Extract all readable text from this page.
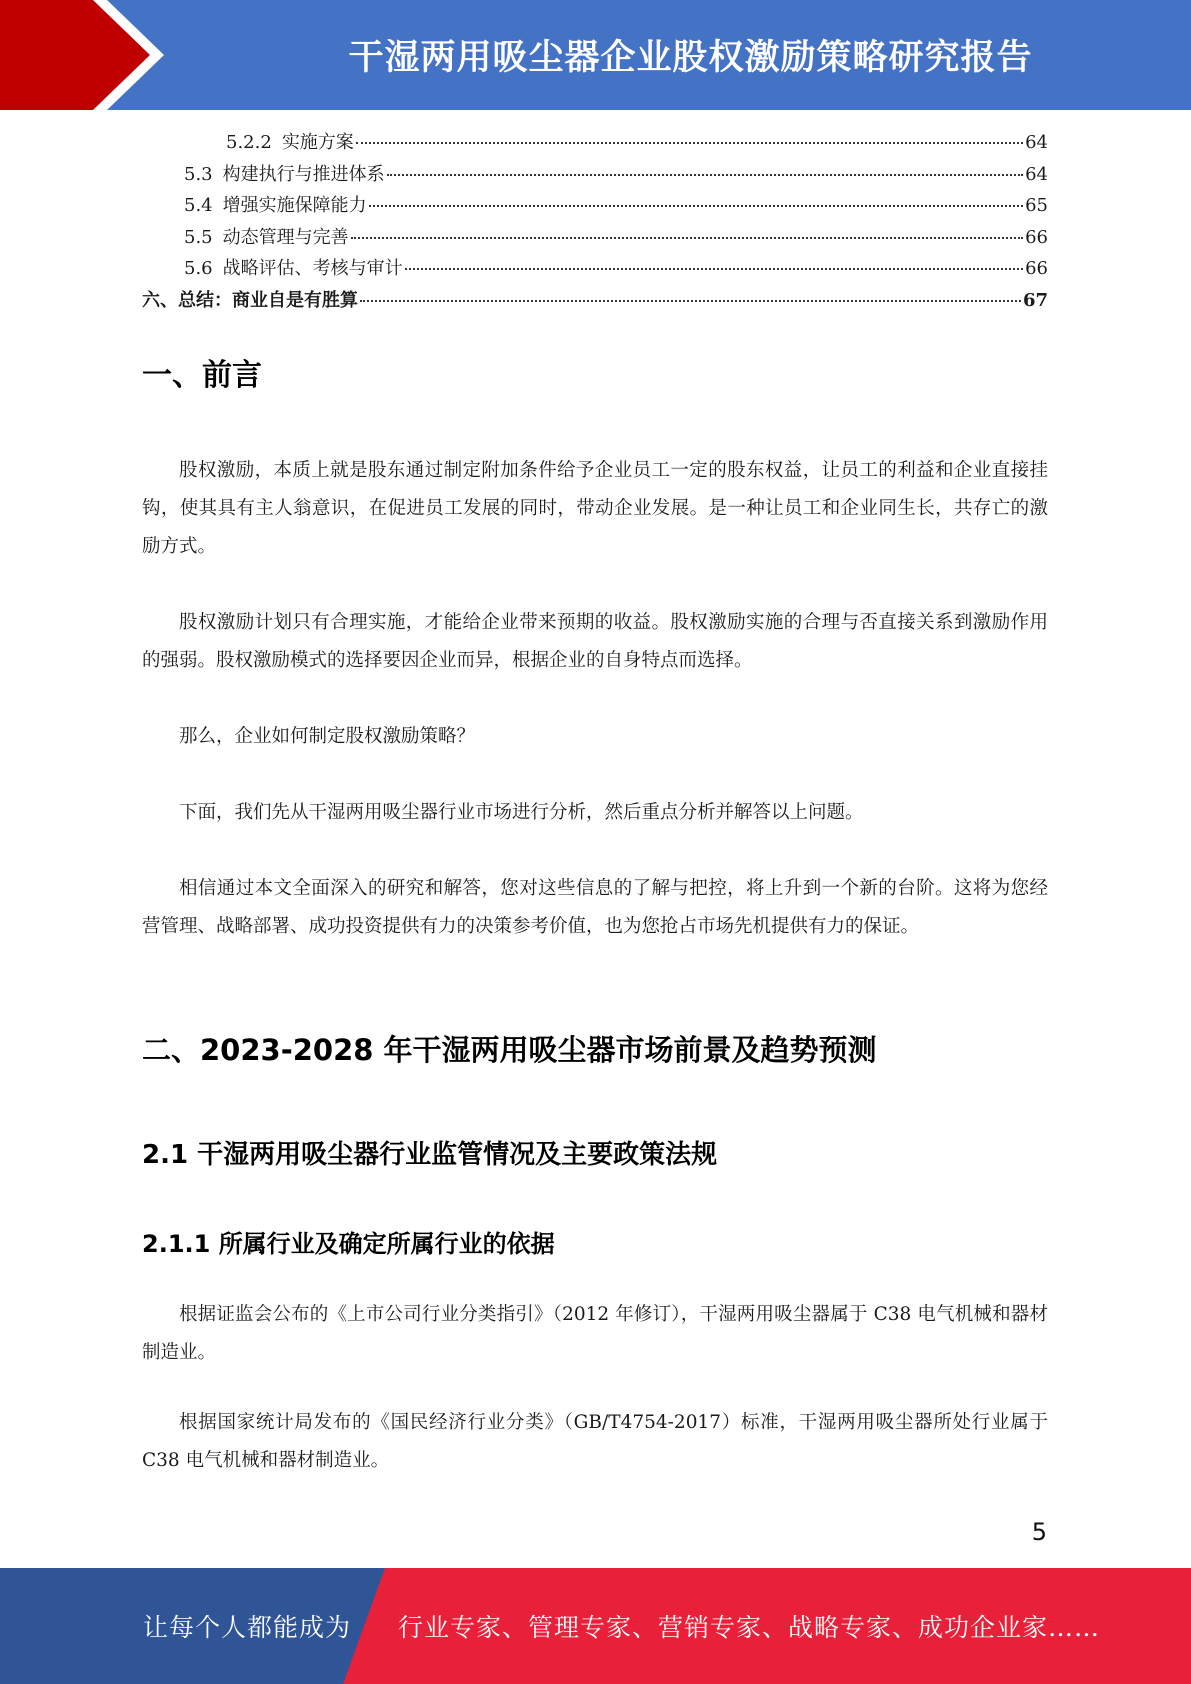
干湿两用吸尘器企业股权激励策略研究报告
5.2.2 实施方案	64
5.3 构建执行与推进体系	64
5.4 增强实施保障能力	65
5.5 动态管理与完善	66
5.6 战略评估、考核与审计	66
六、总结：商业自是有胜算	67
一、前言

股权激励，本质上就是股东通过制定附加条件给予企业员工一定的股东权益，让员工的利益和企业直接挂钩，使其具有主人翁意识，在促进员工发展的同时，带动企业发展。是一种让员工和企业同生长，共存亡的激励方式。

股权激励计划只有合理实施，才能给企业带来预期的收益。股权激励实施的合理与否直接关系到激励作用的强弱。股权激励模式的选择要因企业而异，根据企业的自身特点而选择。

那么，企业如何制定股权激励策略？

下面，我们先从干湿两用吸尘器行业市场进行分析，然后重点分析并解答以上问题。

相信通过本文全面深入的研究和解答，您对这些信息的了解与把控，将上升到一个新的台阶。这将为您经营管理、战略部署、成功投资提供有力的决策参考价值，也为您抢占市场先机提供有力的保证。

二、2023-2028 年干湿两用吸尘器市场前景及趋势预测
2.1 干湿两用吸尘器行业监管情况及主要政策法规
2.1.1 所属行业及确定所属行业的依据

根据证监会公布的《上市公司行业分类指引》（2012 年修订），干湿两用吸尘器属于 C38 电气机械和器材制造业。

根据国家统计局发布的《国民经济行业分类》（GB/T4754-2017）标准，干湿两用吸尘器所处行业属于 C38 电气机械和器材制造业。

5
让每个人都能成为 行业专家、管理专家、营销专家、战略专家、成功企业家……
